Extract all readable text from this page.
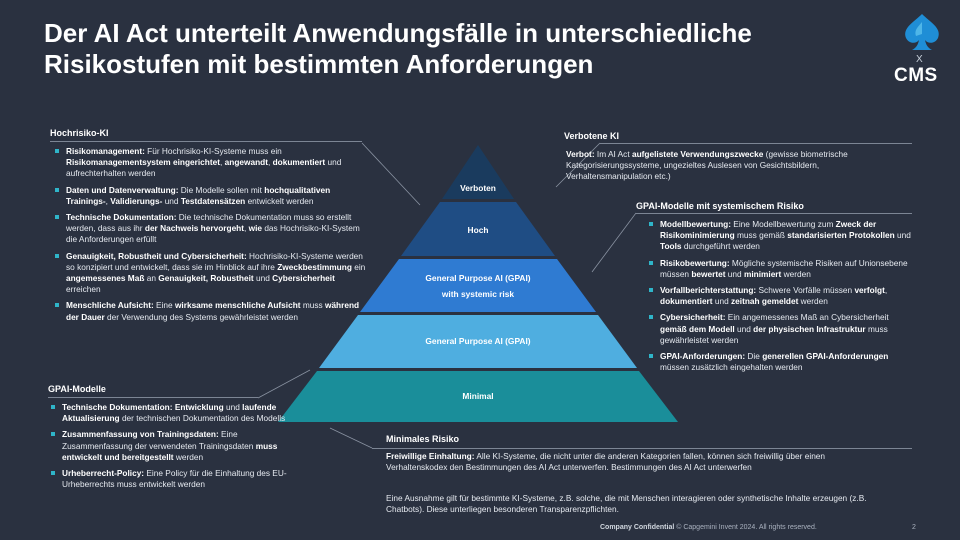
Der AI Act unterteilt Anwendungsfälle in unterschiedliche
Risikostufen mit bestimmten Anforderungen	X
CMS
Verboten
Hoch
General Purpose AI (GPAI)
with systemic risk
General Purpose AI (GPAI)
Minimal
Hochrisiko-KI
Risikomanagement: Für Hochrisiko-KI-Systeme muss ein Risikomanagementsystem eingerichtet, angewandt, dokumentiert und aufrechterhalten werden
Daten und Datenverwaltung: Die Modelle sollen mit hochqualitativen Trainings-, Validierungs- und Testdatensätzen entwickelt werden
Technische Dokumentation: Die technische Dokumentation muss so erstellt werden, dass aus ihr der Nachweis hervorgeht, wie das Hochrisiko-KI-System die Anforderungen erfüllt
Genauigkeit, Robustheit und Cybersicherheit: Hochrisiko-KI-Systeme werden so konzipiert und entwickelt, dass sie im Hinblick auf ihre Zweckbestimmung ein angemessenes Maß an Genauigkeit, Robustheit und Cybersicherheit erreichen
Menschliche Aufsicht: Eine wirksame menschliche Aufsicht muss während der Dauer der Verwendung des Systems gewährleistet werden
GPAI-Modelle
Technische Dokumentation: Entwicklung und laufende Aktualisierung der technischen Dokumentation des Modells
Zusammenfassung von Trainingsdaten: Eine Zusammenfassung der verwendeten Trainingsdaten muss entwickelt und bereitgestellt werden
Urheberrecht-Policy: Eine Policy für die Einhaltung des EU-Urheberrechts muss entwickelt werden
Verbotene KI

Verbot: Im AI Act aufgelistete Verwendungszwecke (gewisse biometrische Kategorisierungssysteme, ungezieltes Auslesen von Gesichtsbildern, Verhaltensmanipulation etc.)

GPAI-Modelle mit systemischem Risiko
Modellbewertung: Eine Modellbewertung zum Zweck der Risikominimierung muss gemäß standarisierten Protokollen und Tools durchgeführt werden
Risikobewertung: Mögliche systemische Risiken auf Unionsebene müssen bewertet und minimiert werden
Vorfallberichterstattung: Schwere Vorfälle müssen verfolgt, dokumentiert und zeitnah gemeldet werden
Cybersicherheit: Ein angemessenes Maß an Cybersicherheit gemäß dem Modell und der physischen Infrastruktur muss gewährleistet werden
GPAI-Anforderungen: Die generellen GPAI-Anforderungen müssen zusätzlich eingehalten werden
Minimales Risiko

Freiwillige Einhaltung: Alle KI-Systeme, die nicht unter die anderen Kategorien fallen, können sich freiwillig über einen Verhaltenskodex den Bestimmungen des AI Act unterwerfen. Bestimmungen des AI Act unterwerfen

Eine Ausnahme gilt für bestimmte KI-Systeme, z.B. solche, die mit Menschen interagieren oder synthetische Inhalte erzeugen (z.B. Chatbots). Diese unterliegen besonderen Transparenzpflichten.

Company Confidential © Capgemini Invent 2024. All rights reserved.	2
